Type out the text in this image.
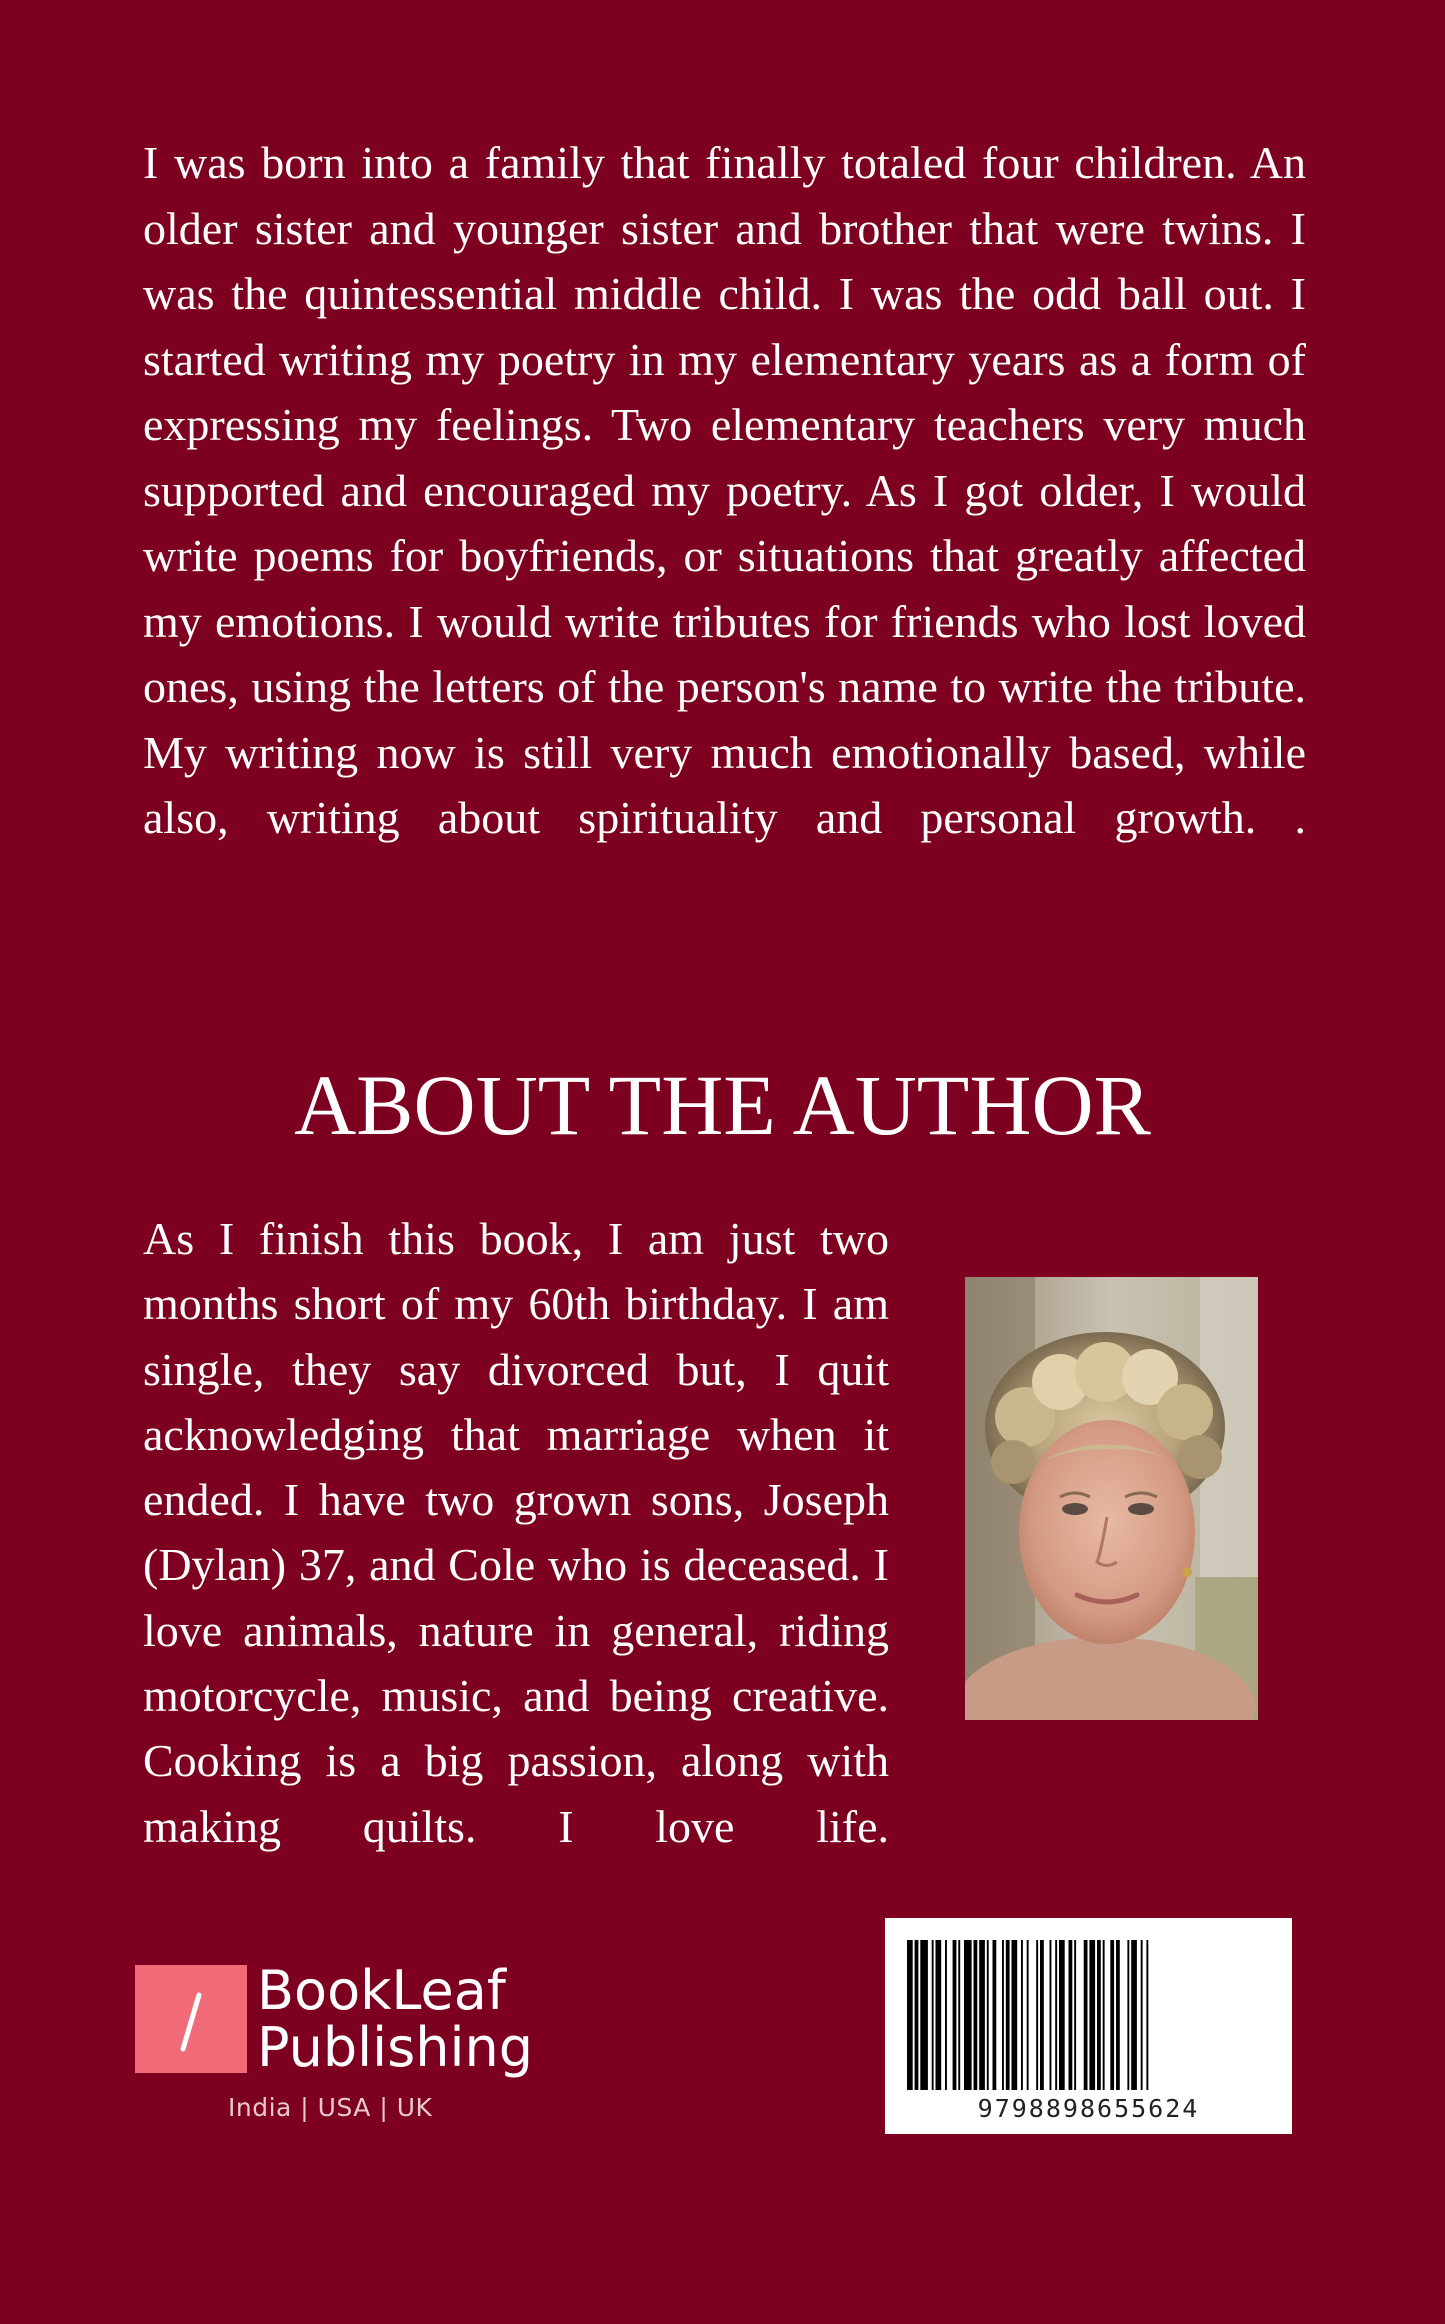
I was born into a family that finally totaled four children. An older sister and younger sister and brother that were twins. I was the quintessential middle child. I was the odd ball out. I started writing my poetry in my elementary years as a form of expressing my feelings. Two elementary teachers very much supported and encouraged my poetry. As I got older, I would write poems for boyfriends, or situations that greatly affected my emotions. I would write tributes for friends who lost loved ones, using the letters of the person's name to write the tribute. My writing now is still very much emotionally based, while also, writing about spirituality and personal growth. .

ABOUT THE AUTHOR

As I finish this book, I am just two months short of my 60th birthday. I am single, they say divorced but, I quit acknowledging that marriage when it ended. I have two grown sons, Joseph (Dylan) 37, and Cole who is deceased. I love animals, nature in general, riding motorcycle, music, and being creative. Cooking is a big passion, along with making quilts. I love life.

BookLeaf
Publishing
India | USA | UK	9798898655624
